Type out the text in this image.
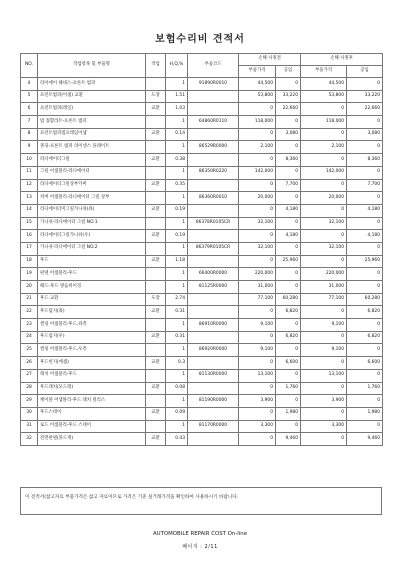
보험수리비 견적서
NO.	작업항목 및 부품명	작업	H,Q,%	부품코드	손해 사정전		손해 사정후	
					부품가격	공임	부품가격	공임
4	라이에이 헤네스-프론트 범퍼		1	91890R0010	44,500	0	44,500	0
5	프런트범퍼(어셈) 교환	도장	1.51		53,800	33,220	53,800	33,220
6	프런트범퍼(레일)	교환	1.03		0	22,660	0	22,660
7	빔 접합라트-프론트 범퍼		1	64860R0110	118,000	0	118,000	0
8	프런트범퍼빔프레임어셈	교환	0.14		0	3,080	0	3,080
9	몰딩-프론트 범퍼 라이센스 플레이트		1	86529R0000	2,100	0	2,100	0
10	라디에이터그릴	교환	0.38		0	8,360	0	8,360
11	그릴 어셈블리-라디에이터		1	86350R0220	142,000	0	142,000	0
12	라디에이터그릴상부카버	교환	0.35		0	7,700	0	7,700
13	커버 어셈블리-라디에이터 그릴 상부		1	86360R0010	20,000	0	20,000	0
14	라디에이터미그릴가니쉬(좌)	교환	0.19		0	4,180	0	4,180
15	가니쉬-라디에이터 그릴 NO.1		1	86378R0105CR	32,100	0	32,100	0
16	라디에이터그릴가니쉬(우)	교환	0.19		0	4,180	0	4,180
17	가니쉬-라디에이터 그릴 NO.2		1	86379R0105CR	32,100	0	32,100	0
18	후드	교환	1.18		0	25,960	0	25,960
19	판넬 어셈블리-후드		1	66400R0000	220,000	0	220,000	0
20	패드-후드 방음히이징		1	81125R0000	31,000	0	31,000	0
21	후드 교환	도장	2.74		77,100	60,280	77,100	60,280
22	후드립지(좌)	교환	0.31		0	6,820	0	6,820
23	씰링 어셈블리-후드,좌측		1	86910R0000	9,100	0	9,100	0
24	후드립지(우)	교환	0.31		0	6,820	0	6,820
25	씰링 어셈블리-후드,우측		1	86920R0000	9,100	0	9,100	0
26	후드힌지(에셈)	교환	0.3		0	6,600	0	6,600
27	래치 어셈블리-후드		1	81130R0000	13,100	0	13,100	0
28	후드래치(모드레)	교환	0.08		0	1,760	0	1,760
29	케이블 어셈블리-후드 래치 릴리스		1	81190R0000	3,900	0	3,900	0
30	후드스테이	교환	0.09		0	1,980	0	1,980
31	로드 어셈블리-후드 스테이		1	81170R0000	3,300	0	3,300	0
32	전면판넬(몰드재)	교환	0.43		0	9,460	0	9,460
이 견적서(참고자료 부품가격은 참고 자료이므로 가격은 기준 실거래가격을 확인하여 사용하시기 바랍니다.
AUTOMOBILE REPAIR COST On-line
페이지 : 2/11
